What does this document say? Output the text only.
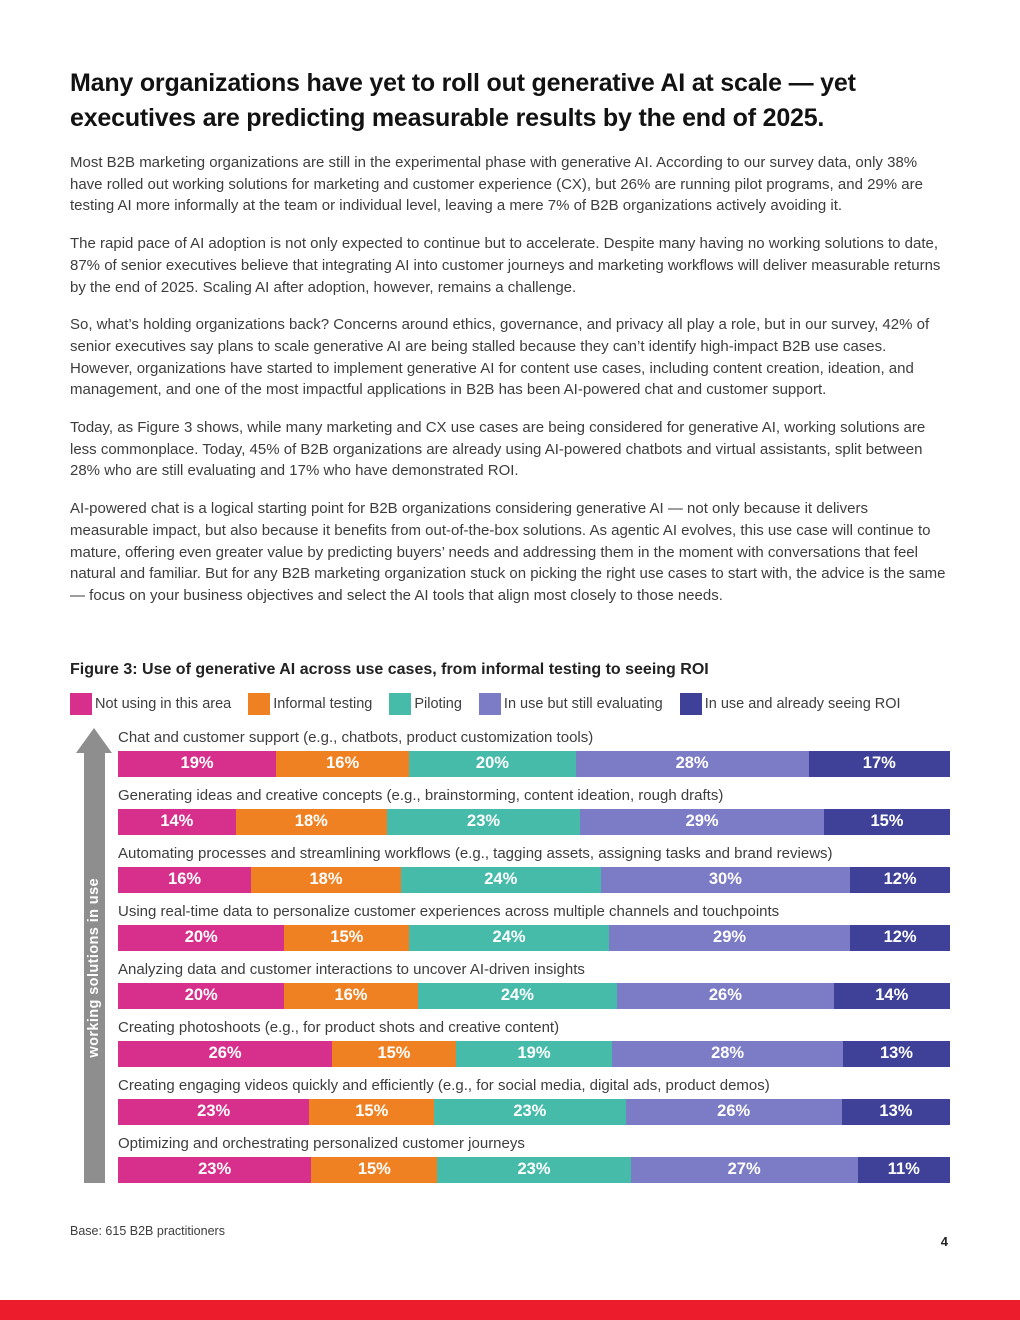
Many organizations have yet to roll out generative AI at scale — yet executives are predicting measurable results by the end of 2025.

Most B2B marketing organizations are still in the experimental phase with generative AI. According to our survey data, only 38% have rolled out working solutions for marketing and customer experience (CX), but 26% are running pilot programs, and 29% are testing AI more informally at the team or individual level, leaving a mere 7% of B2B organizations actively avoiding it.

The rapid pace of AI adoption is not only expected to continue but to accelerate. Despite many having no working solutions to date, 87% of senior executives believe that integrating AI into customer journeys and marketing workflows will deliver measurable returns by the end of 2025. Scaling AI after adoption, however, remains a challenge.

So, what’s holding organizations back? Concerns around ethics, governance, and privacy all play a role, but in our survey, 42% of senior executives say plans to scale generative AI are being stalled because they can’t identify high-impact B2B use cases. However, organizations have started to implement generative AI for content use cases, including content creation, ideation, and management, and one of the most impactful applications in B2B has been AI-powered chat and customer support.

Today, as Figure 3 shows, while many marketing and CX use cases are being considered for generative AI, working solutions are less commonplace. Today, 45% of B2B organizations are already using AI-powered chatbots and virtual assistants, split between 28% who are still evaluating and 17% who have demonstrated ROI.

AI-powered chat is a logical starting point for B2B organizations considering generative AI — not only because it delivers measurable impact, but also because it benefits from out-of-the-box solutions. As agentic AI evolves, this use case will continue to mature, offering even greater value by predicting buyers’ needs and addressing them in the moment with conversations that feel natural and familiar. But for any B2B marketing organization stuck on picking the right use cases to start with, the advice is the same — focus on your business objectives and select the AI tools that align most closely to those needs.

Figure 3: Use of generative AI across use cases, from informal testing to seeing ROI
Not using in this area	Informal testing	Piloting	In use but still evaluating	In use and already seeing ROI
working solutions in use
Chat and customer support (e.g., chatbots, product customization tools)
19%	16%	20%	28%	17%
Generating ideas and creative concepts (e.g., brainstorming, content ideation, rough drafts)
14%	18%	23%	29%	15%
Automating processes and streamlining workflows (e.g., tagging assets, assigning tasks and brand reviews)
16%	18%	24%	30%	12%
Using real-time data to personalize customer experiences across multiple channels and touchpoints
20%	15%	24%	29%	12%
Analyzing data and customer interactions to uncover AI-driven insights
20%	16%	24%	26%	14%
Creating photoshoots (e.g., for product shots and creative content)
26%	15%	19%	28%	13%
Creating engaging videos quickly and efficiently (e.g., for social media, digital ads, product demos)
23%	15%	23%	26%	13%
Optimizing and orchestrating personalized customer journeys
23%	15%	23%	27%	11%
Base: 615 B2B practitioners
4
